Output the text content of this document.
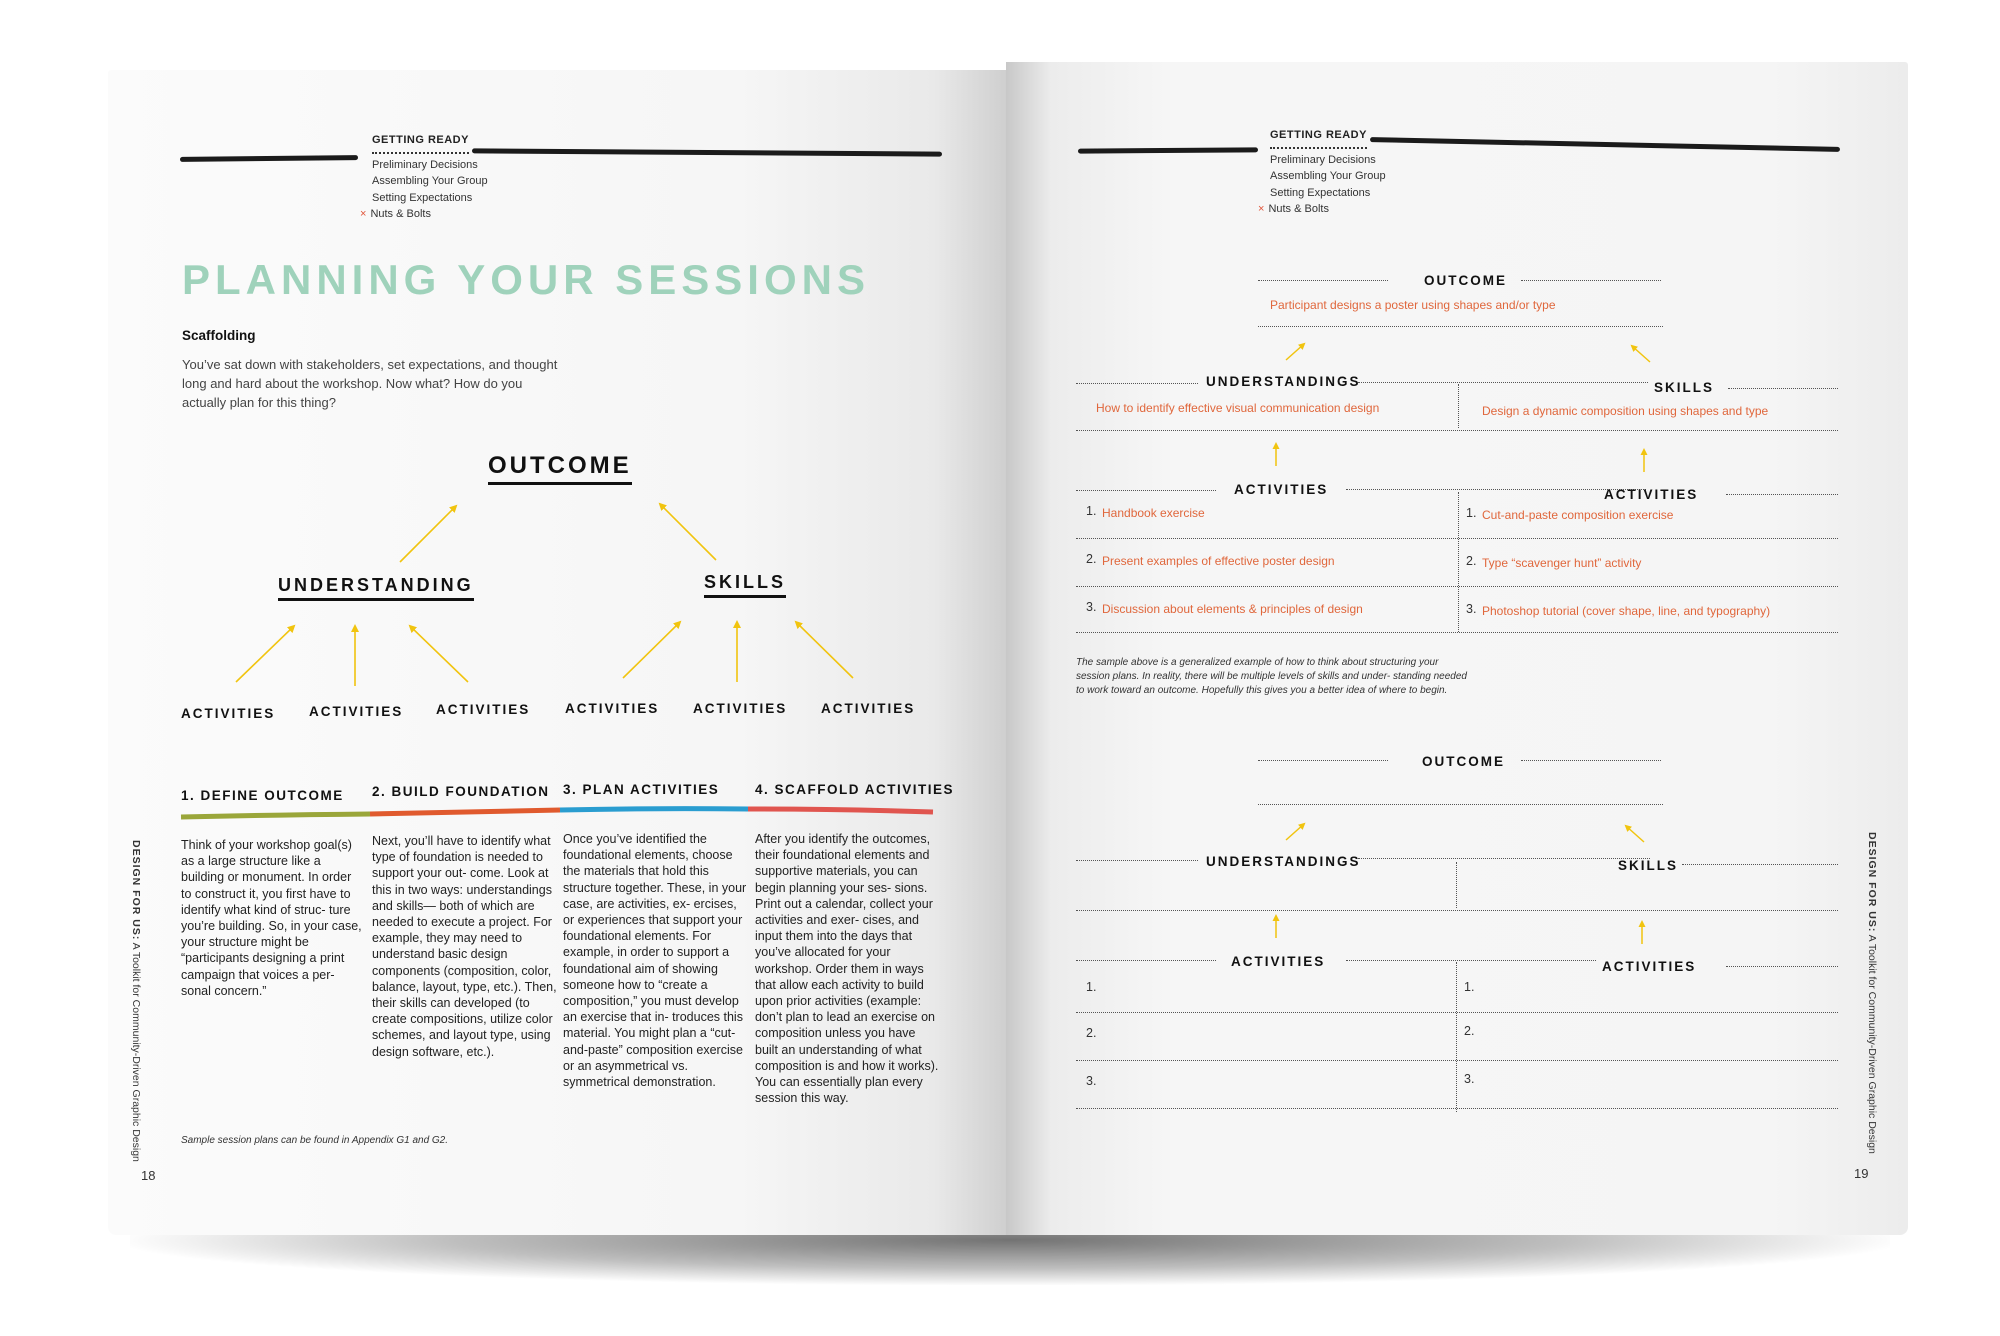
GETTING READY
Preliminary Decisions
Assembling Your Group
Setting Expectations
× Nuts & Bolts
PLANNING YOUR SESSIONS
Scaffolding
You’ve sat down with stakeholders, set expectations, and thought long and hard about the workshop. Now what? How do you actually plan for this thing?
OUTCOME
UNDERSTANDING	SKILLS
ACTIVITIES ACTIVITIES ACTIVITIES	ACTIVITIES ACTIVITIES ACTIVITIES
1. DEFINE OUTCOME 2. BUILD FOUNDATION 3. PLAN ACTIVITIES	4. SCAFFOLD ACTIVITIES
Think of your workshop goal(s) as a large structure like a building or monument. In order to construct it, you first have to identify what kind of struc- ture you’re building. So, in your case, your structure might be “participants designing a print campaign that voices a per- sonal concern.”
Next, you’ll have to identify what type of foundation is needed to support your out- come. Look at this in two ways: understandings and skills— both of which are needed to execute a project. For example, they may need to understand basic design components (composition, color, balance, layout, type, etc.). Then, their skills can developed (to create compositions, utilize color schemes, and layout type, using design software, etc.).
Once you’ve identified the foundational elements, choose the materials that hold this structure together. These, in your case, are activities, ex- ercises, or experiences that support your foundational elements. For example, in order to support a foundational aim of showing someone how to “create a composition,” you must develop an exercise that in- troduces this material. You might plan a “cut-and-paste” composition exercise or an asymmetrical vs. symmetrical demonstration.
After you identify the outcomes, their foundational elements and supportive materials, you can begin planning your ses- sions. Print out a calendar, collect your activities and exer- cises, and input them into the days that you’ve allocated for your workshop. Order them in ways that allow each activity to build upon prior activities (example: don’t plan to lead an exercise on composition unless you have built an understanding of what composition is and how it works). You can essentially plan every session this way.
Sample session plans can be found in Appendix G1 and G2.
DESIGN FOR US: A Toolkit for Community-Driven Graphic Design
18
GETTING READY
Preliminary Decisions
Assembling Your Group
Setting Expectations
× Nuts & Bolts
OUTCOME
Participant designs a poster using shapes and/or type
UNDERSTANDINGS	SKILLS
How to identify effective visual communication design	Design a dynamic composition using shapes and type
ACTIVITIES	ACTIVITIES
1. Handbook exercise	1. Cut-and-paste composition exercise
2. Present examples of effective poster design	2. Type “scavenger hunt” activity
3. Discussion about elements & principles of design	3. Photoshop tutorial (cover shape, line, and typography)
The sample above is a generalized example of how to think about structuring your session plans. In reality, there will be multiple levels of skills and under- standing needed to work toward an outcome. Hopefully this gives you a better idea of where to begin.
OUTCOME
UNDERSTANDINGS	SKILLS
ACTIVITIES	ACTIVITIES
1.	1.
2.	2.
3.	3.
DESIGN FOR US: A Toolkit for Community-Driven Graphic Design
19
